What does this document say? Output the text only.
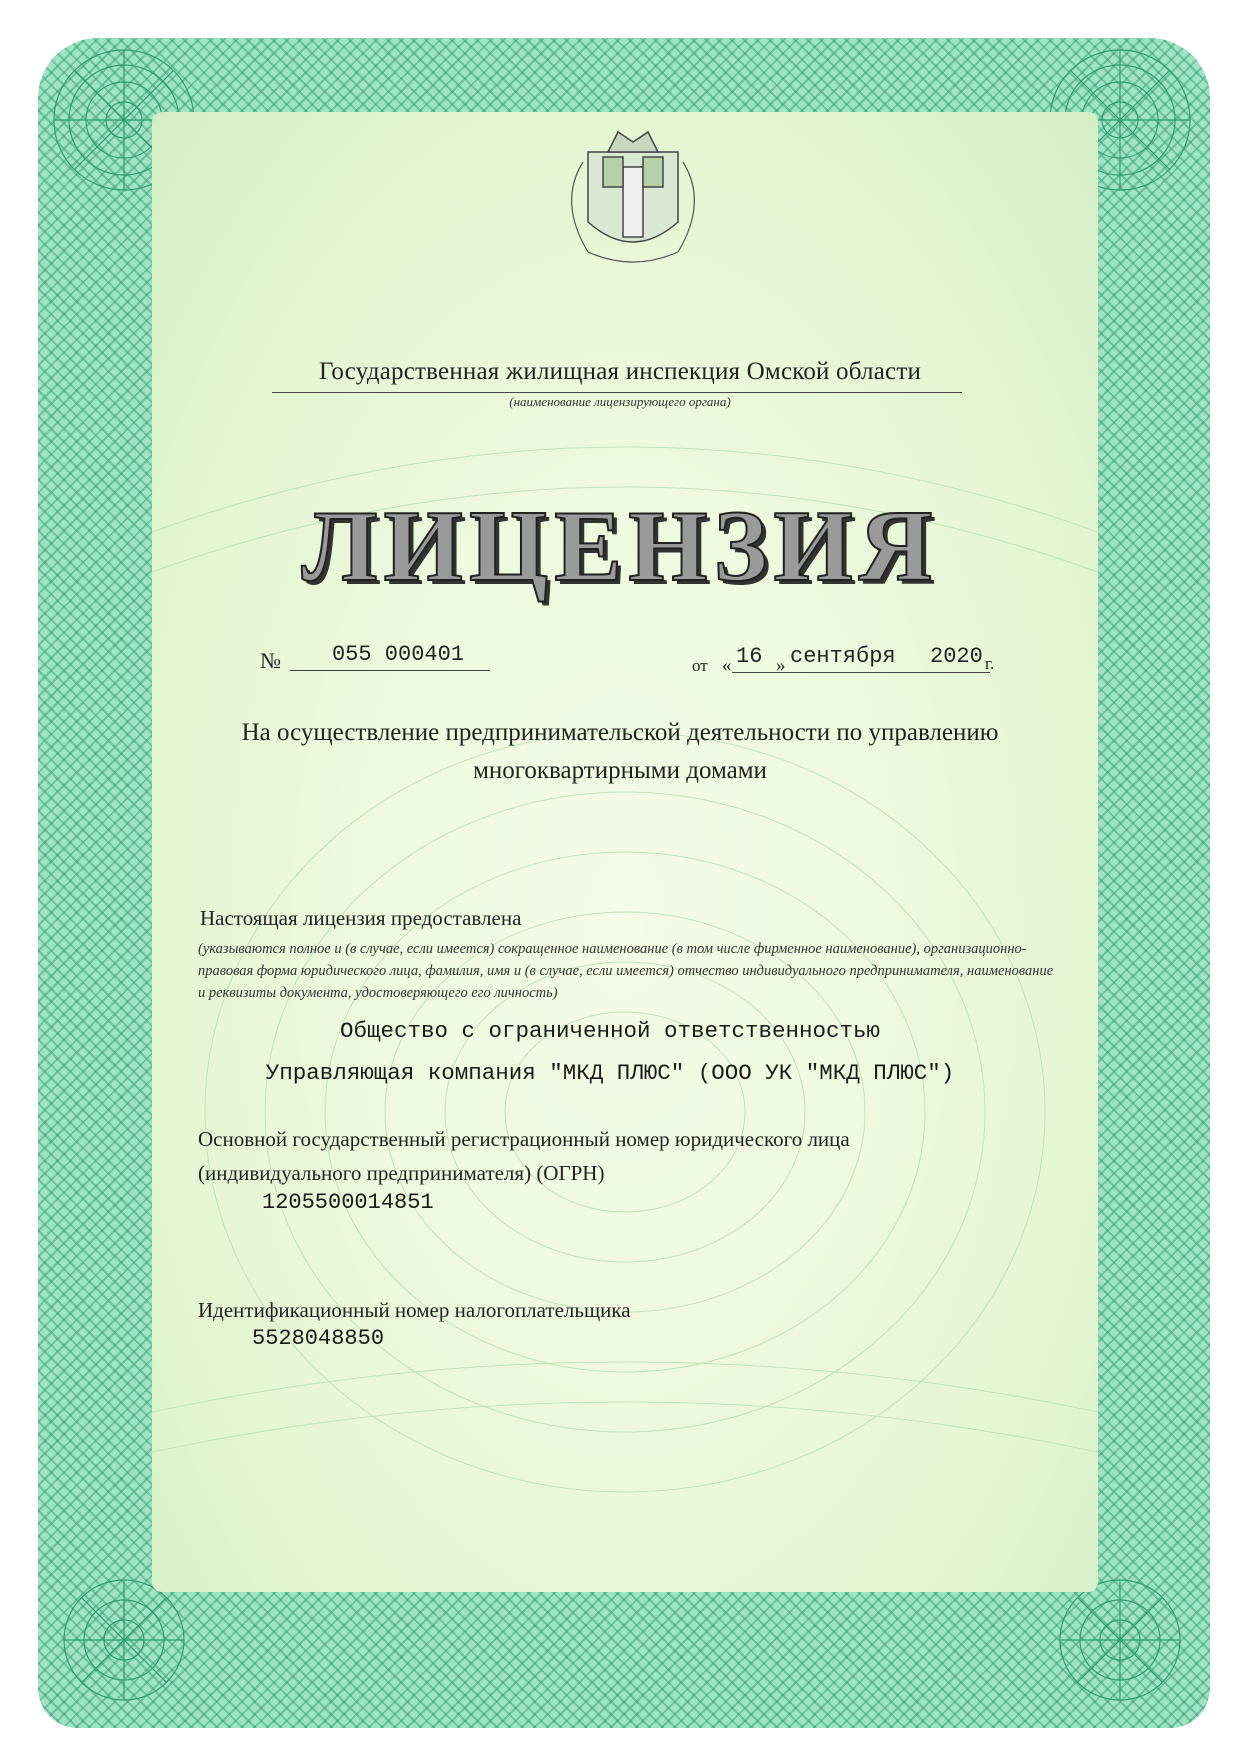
Государственная жилищная инспекция Омской области
(наименование лицензирующего органа)
ЛИЦЕНЗИЯ
№ 055 000401	от « 16 » сентября 2020 г.
На осуществление предпринимательской деятельности по управлению
многоквартирными домами
Настоящая лицензия предоставлена
(указываются полное и (в случае, если имеется) сокращенное наименование (в том числе фирменное наименование), организационно-правовая форма юридического лица, фамилия, имя и (в случае, если имеется) отчество индивидуального предпринимателя, наименование и реквизиты документа, удостоверяющего его личность)
Общество с ограниченной ответственностью
Управляющая компания "МКД ПЛЮС" (ООО УК "МКД ПЛЮС")
Основной государственный регистрационный номер юридического лица
(индивидуального предпринимателя) (ОГРН)
1205500014851
Идентификационный номер налогоплательщика
5528048850
